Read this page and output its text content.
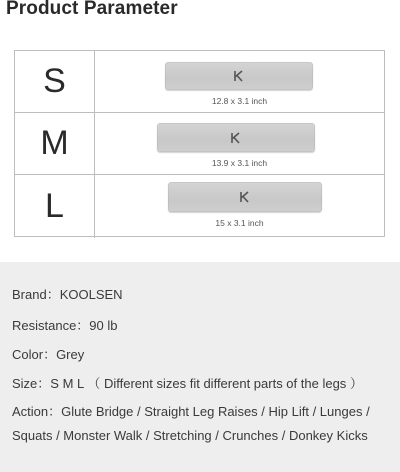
Product Parameter
S
12.8 x 3.1 inch
M
13.9 x 3.1 inch
L	15 x 3.1 inch
Brand：KOOLSEN
Resistance：90 lb
Color：Grey
Size：S M L （ Different sizes fit different parts of the legs ）
Action：Glute Bridge / Straight Leg Raises / Hip Lift / Lunges /
Squats / Monster Walk / Stretching / Crunches / Donkey Kicks
